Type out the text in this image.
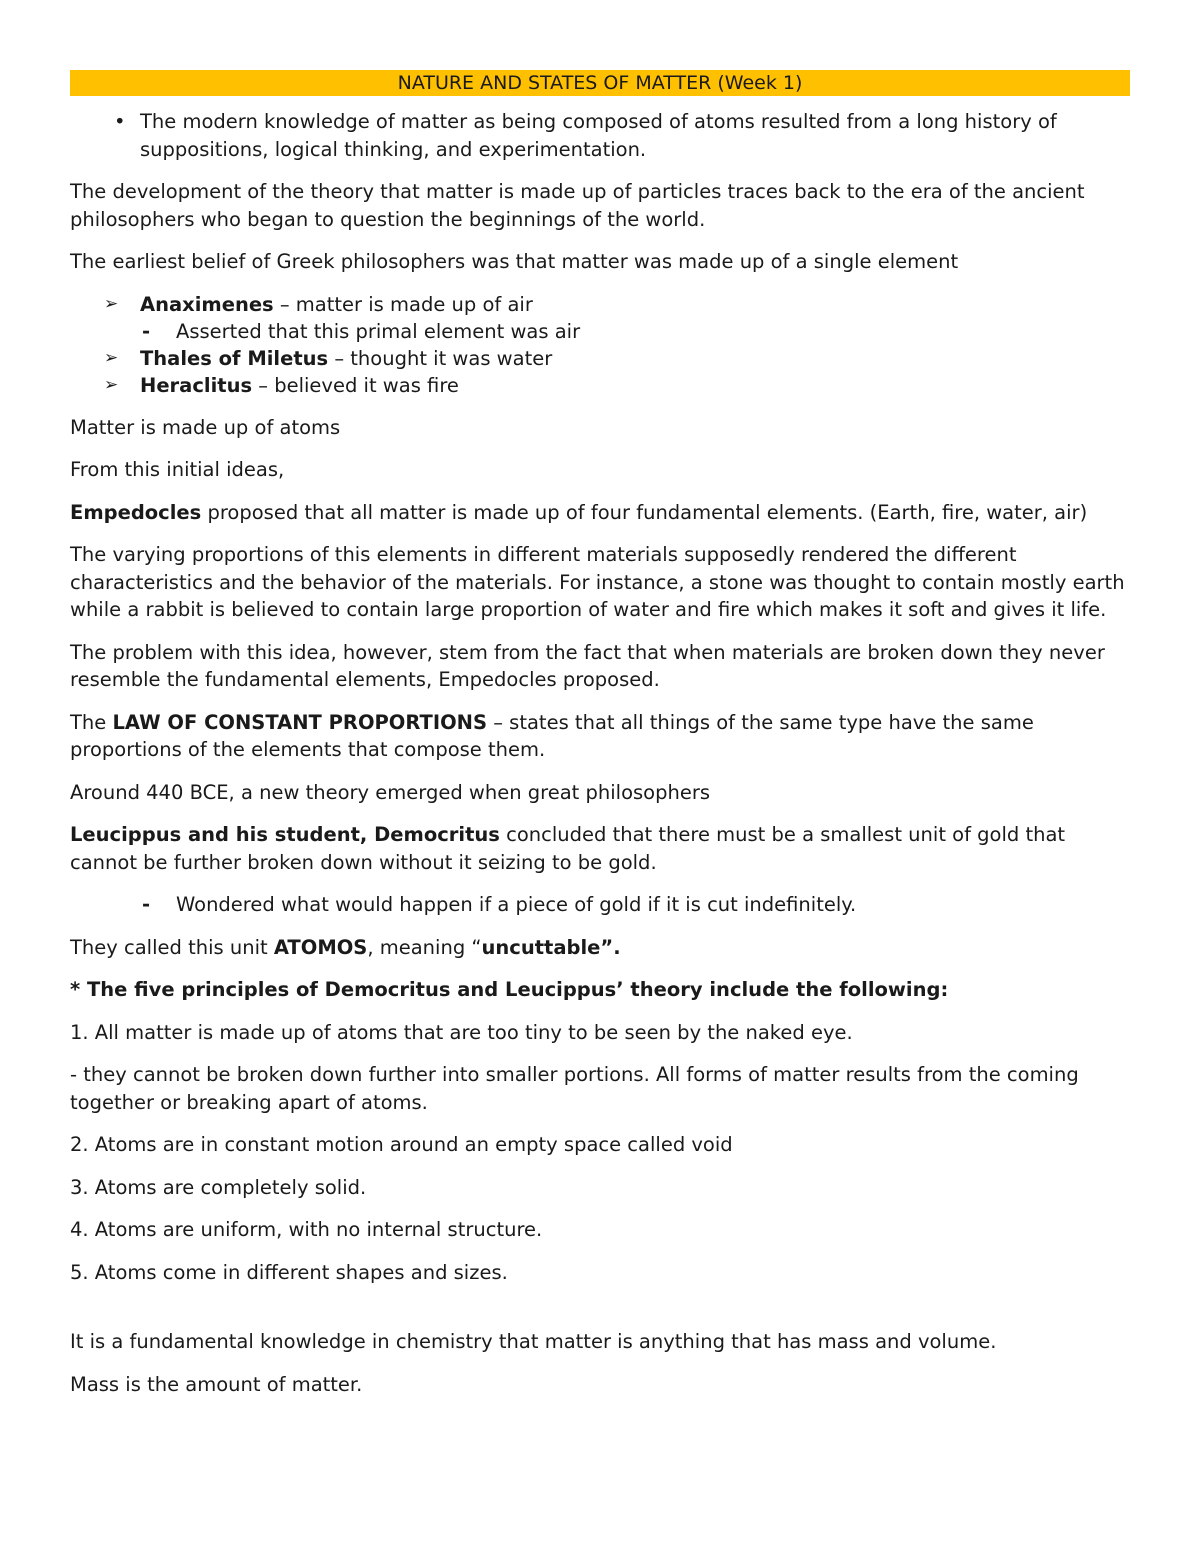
NATURE AND STATES OF MATTER (Week 1)
• The modern knowledge of matter as being composed of atoms resulted from a long history of suppositions, logical thinking, and experimentation.

The development of the theory that matter is made up of particles traces back to the era of the ancient philosophers who began to question the beginnings of the world.

The earliest belief of Greek philosophers was that matter was made up of a single element

➢ Anaximenes – matter is made up of air
- Asserted that this primal element was air
➢ Thales of Miletus – thought it was water
➢ Heraclitus – believed it was fire

Matter is made up of atoms

From this initial ideas,

Empedocles proposed that all matter is made up of four fundamental elements. (Earth, fire, water, air)

The varying proportions of this elements in different materials supposedly rendered the different characteristics and the behavior of the materials. For instance, a stone was thought to contain mostly earth while a rabbit is believed to contain large proportion of water and fire which makes it soft and gives it life.

The problem with this idea, however, stem from the fact that when materials are broken down they never resemble the fundamental elements, Empedocles proposed.

The LAW OF CONSTANT PROPORTIONS – states that all things of the same type have the same proportions of the elements that compose them.

Around 440 BCE, a new theory emerged when great philosophers

Leucippus and his student, Democritus concluded that there must be a smallest unit of gold that cannot be further broken down without it seizing to be gold.

- Wondered what would happen if a piece of gold if it is cut indefinitely.

They called this unit ATOMOS, meaning “uncuttable”.

* The five principles of Democritus and Leucippus’ theory include the following:

1. All matter is made up of atoms that are too tiny to be seen by the naked eye.

- they cannot be broken down further into smaller portions. All forms of matter results from the coming together or breaking apart of atoms.

2. Atoms are in constant motion around an empty space called void

3. Atoms are completely solid.

4. Atoms are uniform, with no internal structure.

5. Atoms come in different shapes and sizes.

It is a fundamental knowledge in chemistry that matter is anything that has mass and volume.

Mass is the amount of matter.
